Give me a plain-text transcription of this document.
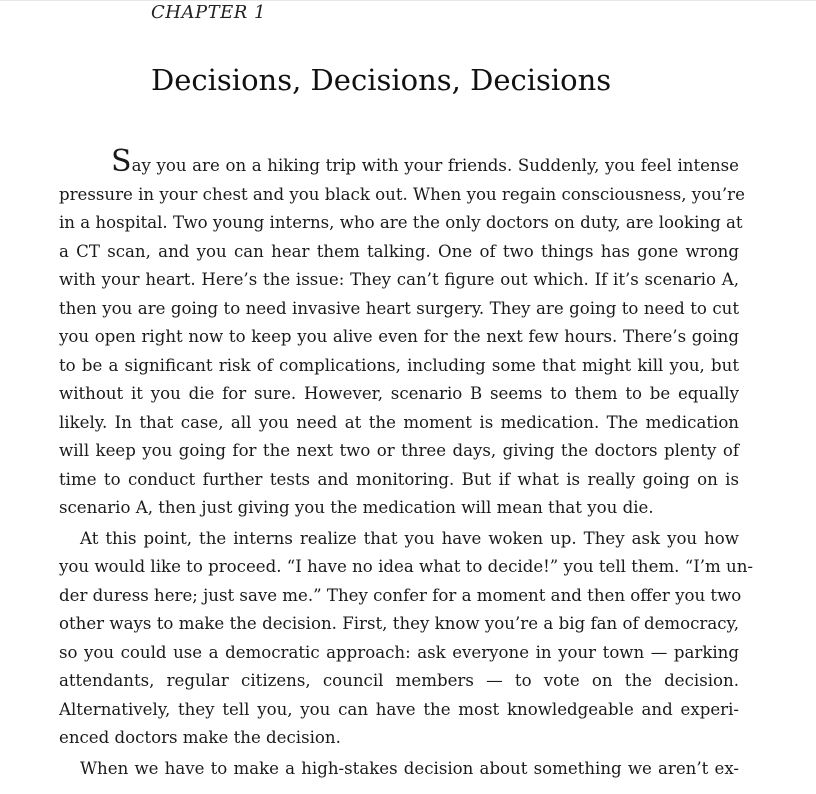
CHAPTER 1
Decisions, Decisions, Decisions
Say you are on a hiking trip with your friends. Suddenly, you feel intense
pressure in your chest and you black out. When you regain consciousness, you’re
in a hospital. Two young interns, who are the only doctors on duty, are looking at
a CT scan, and you can hear them talking. One of two things has gone wrong
with your heart. Here’s the issue: They can’t figure out which. If it’s scenario A,
then you are going to need invasive heart surgery. They are going to need to cut
you open right now to keep you alive even for the next few hours. There’s going
to be a significant risk of complications, including some that might kill you, but
without it you die for sure. However, scenario B seems to them to be equally
likely. In that case, all you need at the moment is medication. The medication
will keep you going for the next two or three days, giving the doctors plenty of
time to conduct further tests and monitoring. But if what is really going on is
scenario A, then just giving you the medication will mean that you die.
At this point, the interns realize that you have woken up. They ask you how
you would like to proceed. “I have no idea what to decide!” you tell them. “I’m un-
der duress here; just save me.” They confer for a moment and then offer you two
other ways to make the decision. First, they know you’re a big fan of democracy,
so you could use a democratic approach: ask everyone in your town — parking
attendants, regular citizens, council members — to vote on the decision.
Alternatively, they tell you, you can have the most knowledgeable and experi-
enced doctors make the decision.
When we have to make a high-stakes decision about something we aren’t ex-
